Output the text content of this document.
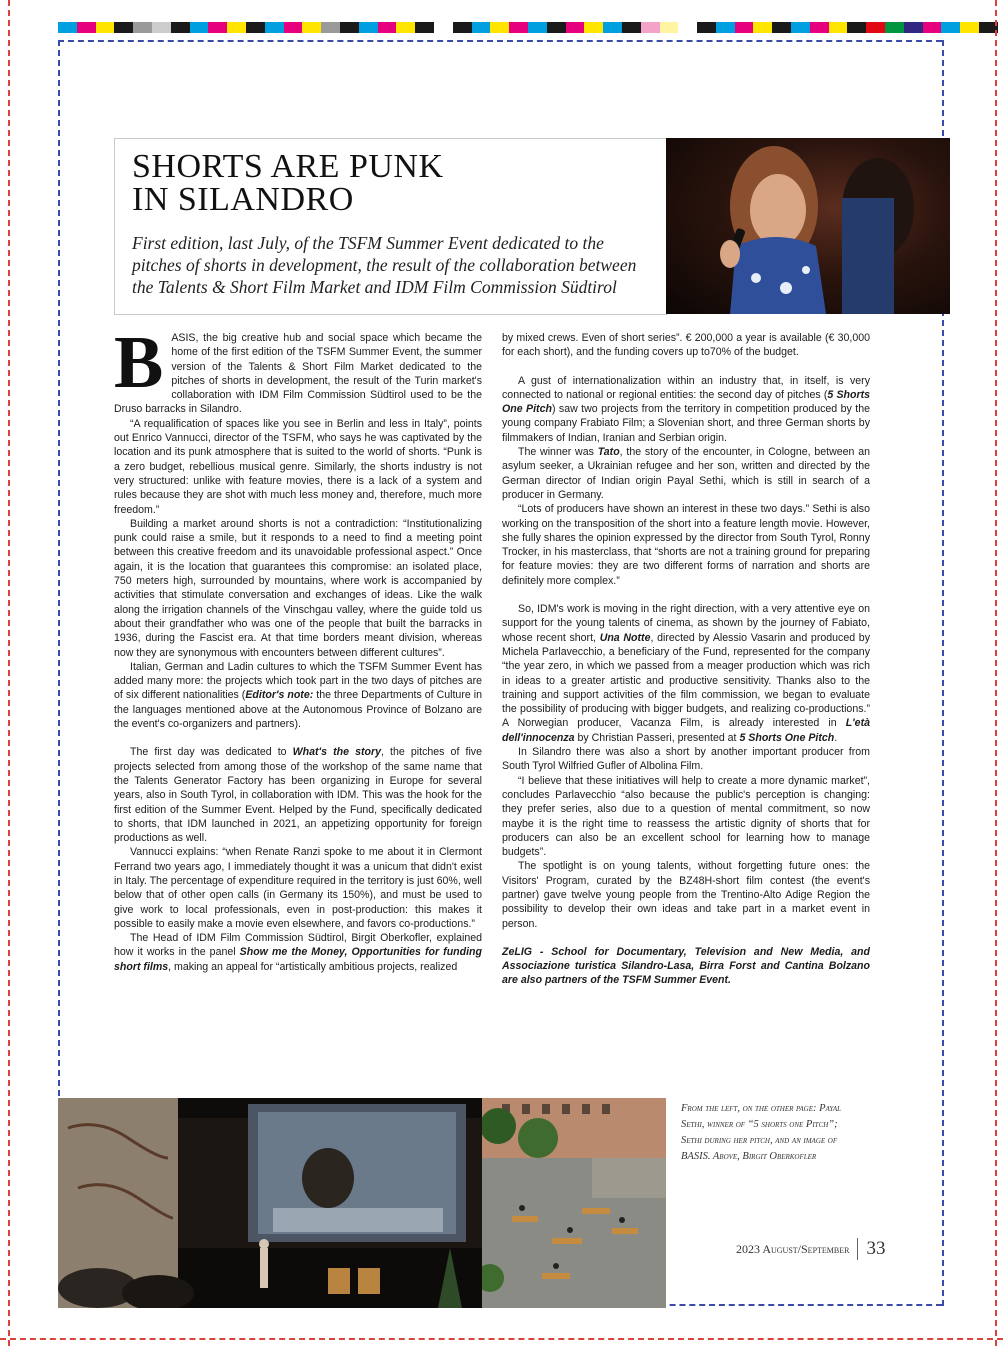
SHORTS ARE PUNK
IN SILANDRO

First edition, last July, of the TSFM Summer Event dedicated to the pitches of shorts in development, the result of the collaboration between the Talents & Short Film Market and IDM Film Commission Südtirol

BASIS, the big creative hub and social space which became the home of the first edition of the TSFM Summer Event, the summer version of the Talents & Short Film Market dedicated to the pitches of shorts in development, the result of the Turin market's collaboration with IDM Film Commission Südtirol used to be the Druso barracks in Silandro.

“A requalification of spaces like you see in Berlin and less in Italy”, points out Enrico Vannucci, director of the TSFM, who says he was captivated by the location and its punk atmosphere that is suited to the world of shorts. “Punk is a zero budget, rebellious musical genre. Similarly, the shorts industry is not very structured: unlike with feature movies, there is a lack of a system and rules because they are shot with much less money and, therefore, much more freedom.”

Building a market around shorts is not a contradiction: “Institutionalizing punk could raise a smile, but it responds to a need to find a meeting point between this creative freedom and its unavoidable professional aspect.” Once again, it is the location that guarantees this compromise: an isolated place, 750 meters high, surrounded by mountains, where work is accompanied by activities that stimulate conversation and exchanges of ideas. Like the walk along the irrigation channels of the Vinschgau valley, where the guide told us about their grandfather who was one of the people that built the barracks in 1936, during the Fascist era. At that time borders meant division, whereas now they are synonymous with encounters between different cultures”.

Italian, German and Ladin cultures to which the TSFM Summer Event has added many more: the projects which took part in the two days of pitches are of six different nationalities (Editor's note: the three Departments of Culture in the languages mentioned above at the Autonomous Province of Bolzano are the event's co-organizers and partners).

The first day was dedicated to What's the story, the pitches of five projects selected from among those of the workshop of the same name that the Talents Generator Factory has been organizing in Europe for several years, also in South Tyrol, in collaboration with IDM. This was the hook for the first edition of the Summer Event. Helped by the Fund, specifically dedicated to shorts, that IDM launched in 2021, an appetizing opportunity for foreign productions as well.

Vannucci explains: “when Renate Ranzi spoke to me about it in Clermont Ferrand two years ago, I immediately thought it was a unicum that didn't exist in Italy. The percentage of expenditure required in the territory is just 60%, well below that of other open calls (in Germany its 150%), and must be used to give work to local professionals, even in post-production: this makes it possible to easily make a movie even elsewhere, and favors co-productions.”

The Head of IDM Film Commission Südtirol, Birgit Oberkofler, explained how it works in the panel Show me the Money, Opportunities for funding short films, making an appeal for “artistically ambitious projects, realized

by mixed crews. Even of short series”. € 200,000 a year is available (€ 30,000 for each short), and the funding covers up to70% of the budget.

A gust of internationalization within an industry that, in itself, is very connected to national or regional entities: the second day of pitches (5 Shorts One Pitch) saw two projects from the territory in competition produced by the young company Frabiato Film; a Slovenian short, and three German shorts by filmmakers of Indian, Iranian and Serbian origin.

The winner was Tato, the story of the encounter, in Cologne, between an asylum seeker, a Ukrainian refugee and her son, written and directed by the German director of Indian origin Payal Sethi, which is still in search of a producer in Germany.

“Lots of producers have shown an interest in these two days.” Sethi is also working on the transposition of the short into a feature length movie. However, she fully shares the opinion expressed by the director from South Tyrol, Ronny Trocker, in his masterclass, that “shorts are not a training ground for preparing for feature movies: they are two different forms of narration and shorts are definitely more complex.”

So, IDM's work is moving in the right direction, with a very attentive eye on support for the young talents of cinema, as shown by the journey of Fabiato, whose recent short, Una Notte, directed by Alessio Vasarin and produced by Michela Parlavecchio, a beneficiary of the Fund, represented for the company “the year zero, in which we passed from a meager production which was rich in ideas to a greater artistic and productive sensitivity. Thanks also to the training and support activities of the film commission, we began to evaluate the possibility of producing with bigger budgets, and realizing co-productions.” A Norwegian producer, Vacanza Film, is already interested in L'età dell'innocenza by Christian Passeri, presented at 5 Shorts One Pitch.

In Silandro there was also a short by another important producer from South Tyrol Wilfried Gufler of Albolina Film.

“I believe that these initiatives will help to create a more dynamic market”, concludes Parlavecchio “also because the public's perception is changing: they prefer series, also due to a question of mental commitment, so now maybe it is the right time to reassess the artistic dignity of shorts that for producers can also be an excellent school for learning how to manage budgets”.

The spotlight is on young talents, without forgetting future ones: the Visitors' Program, curated by the BZ48H-short film contest (the event's partner) gave twelve young people from the Trentino-Alto Adige Region the possibility to develop their own ideas and take part in a market event in person.

ZeLIG - School for Documentary, Television and New Media, and Associazione turistica Silandro-Lasa, Birra Forst and Cantina Bolzano are also partners of the TSFM Summer Event.

From the left, on the other page: Payal Sethi, winner of “5 shorts one Pitch”; Sethi during her pitch, and an image of BASIS. Above, Birgit Oberkofler

2023 August/September 33
